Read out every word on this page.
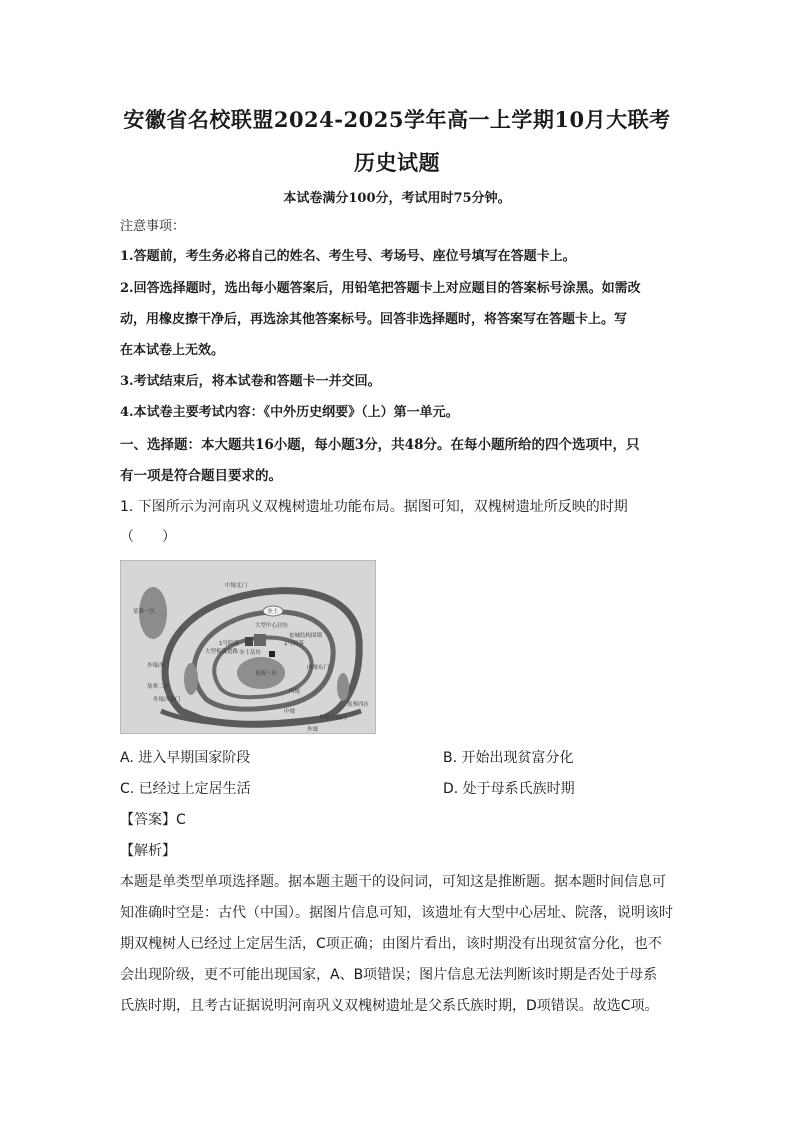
安徽省名校联盟2024-2025学年高一上学期10月大联考
历史试题
本试卷满分100分，考试用时75分钟。
注意事项：
1.答题前，考生务必将自己的姓名、考生号、考场号、座位号填写在答题卡上。
2.回答选择题时，选出每小题答案后，用铅笔把答题卡上对应题目的答案标号涂黑。如需改
动，用橡皮擦干净后，再选涂其他答案标号。回答非选择题时，将答案写在答题卡上。写
在本试卷上无效。
3.考试结束后，将本试卷和答题卡一并交回。
4.本试卷主要考试内容：《中外历史纲要》（上）第一单元。
一、选择题：本大题共16小题，每小题3分，共48分。在每小题所给的四个选项中，只
有一项是符合题目要求的。
1. 下图所示为河南巩义双槐树遗址功能布局。据图可知，双槐树遗址所反映的时期
（　　）
中壕北门
夯土
大型中心居址
瓮城结构围墙
1号院落	2号院落
大型板筑道路 夯土基址
墓葬一区
墓葬三区
墓葬二区
墓葬四区
外壕西门
外壕西南门
内壕东门
内壕
中壕
外壕
外壕东南门
A. 进入早期国家阶段	B. 开始出现贫富分化
C. 已经过上定居生活	D. 处于母系氏族时期
【答案】C
【解析】
本题是单类型单项选择题。据本题主题干的设问词，可知这是推断题。据本题时间信息可
知准确时空是：古代（中国）。据图片信息可知，该遗址有大型中心居址、院落，说明该时
期双槐树人已经过上定居生活，C项正确；由图片看出，该时期没有出现贫富分化，也不
会出现阶级，更不可能出现国家，A、B项错误；图片信息无法判断该时期是否处于母系
氏族时期，且考古证据说明河南巩义双槐树遗址是父系氏族时期，D项错误。故选C项。
